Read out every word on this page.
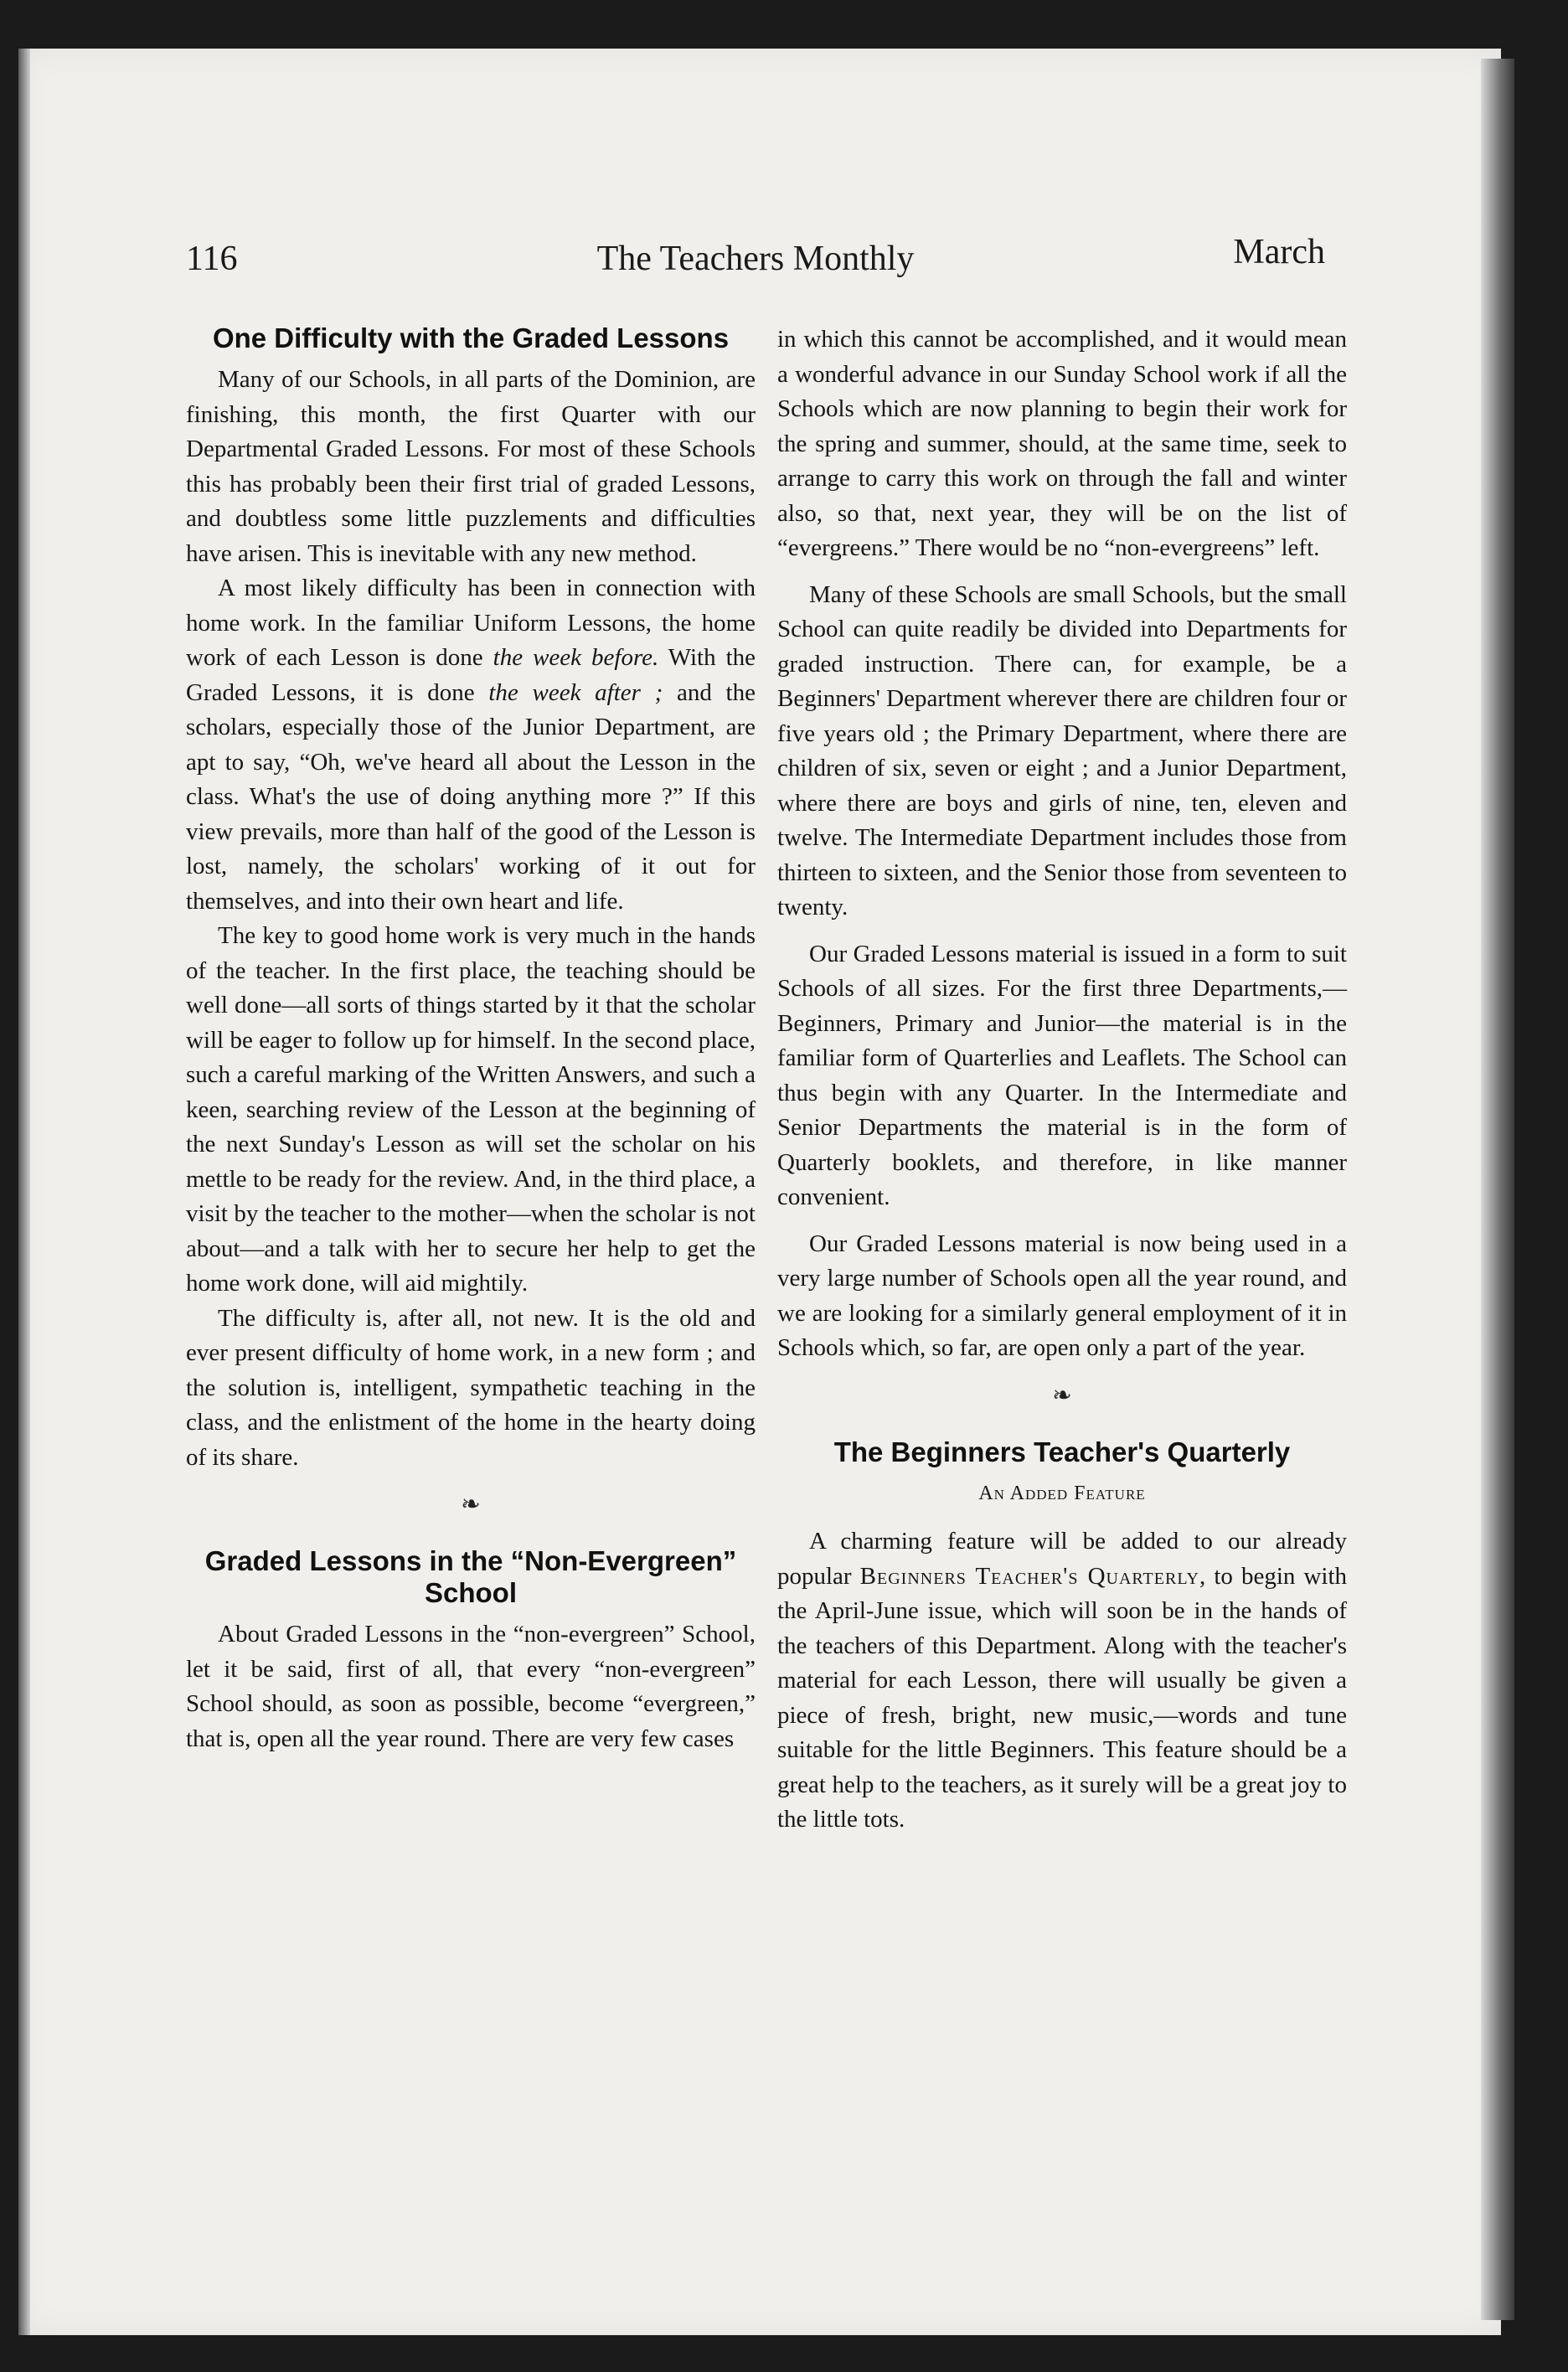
116	The Teachers Monthly	March
One Difficulty with the Graded Lessons

Many of our Schools, in all parts of the Dominion, are finishing, this month, the first Quarter with our Departmental Graded Lessons. For most of these Schools this has probably been their first trial of graded Lessons, and doubtless some little puzzlements and difficulties have arisen. This is inevitable with any new method.

A most likely difficulty has been in connection with home work. In the familiar Uniform Lessons, the home work of each Lesson is done the week before. With the Graded Lessons, it is done the week after ; and the scholars, especially those of the Junior Department, are apt to say, “Oh, we've heard all about the Lesson in the class. What's the use of doing anything more ?” If this view prevails, more than half of the good of the Lesson is lost, namely, the scholars' working of it out for themselves, and into their own heart and life.

The key to good home work is very much in the hands of the teacher. In the first place, the teaching should be well done—all sorts of things started by it that the scholar will be eager to follow up for himself. In the second place, such a careful marking of the Written Answers, and such a keen, searching review of the Lesson at the beginning of the next Sunday's Lesson as will set the scholar on his mettle to be ready for the review. And, in the third place, a visit by the teacher to the mother—when the scholar is not about—and a talk with her to secure her help to get the home work done, will aid mightily.

The difficulty is, after all, not new. It is the old and ever present difficulty of home work, in a new form ; and the solution is, intelligent, sympathetic teaching in the class, and the enlistment of the home in the hearty doing of its share.

❧
Graded Lessons in the “Non-Evergreen” School

About Graded Lessons in the “non-evergreen” School, let it be said, first of all, that every “non-evergreen” School should, as soon as possible, become “evergreen,” that is, open all the year round. There are very few cases

in which this cannot be accomplished, and it would mean a wonderful advance in our Sunday School work if all the Schools which are now planning to begin their work for the spring and summer, should, at the same time, seek to arrange to carry this work on through the fall and winter also, so that, next year, they will be on the list of “evergreens.” There would be no “non-evergreens” left.

Many of these Schools are small Schools, but the small School can quite readily be divided into Departments for graded instruction. There can, for example, be a Beginners' Department wherever there are children four or five years old ; the Primary Department, where there are children of six, seven or eight ; and a Junior Department, where there are boys and girls of nine, ten, eleven and twelve. The Intermediate Department includes those from thirteen to sixteen, and the Senior those from seventeen to twenty.

Our Graded Lessons material is issued in a form to suit Schools of all sizes. For the first three Departments,—Beginners, Primary and Junior—the material is in the familiar form of Quarterlies and Leaflets. The School can thus begin with any Quarter. In the Intermediate and Senior Departments the material is in the form of Quarterly booklets, and therefore, in like manner convenient.

Our Graded Lessons material is now being used in a very large number of Schools open all the year round, and we are looking for a similarly general employment of it in Schools which, so far, are open only a part of the year.

❧
The Beginners Teacher's Quarterly
An Added Feature

A charming feature will be added to our already popular Beginners Teacher's Quarterly, to begin with the April-June issue, which will soon be in the hands of the teachers of this Department. Along with the teacher's material for each Lesson, there will usually be given a piece of fresh, bright, new music,—words and tune suitable for the little Beginners. This feature should be a great help to the teachers, as it surely will be a great joy to the little tots.
